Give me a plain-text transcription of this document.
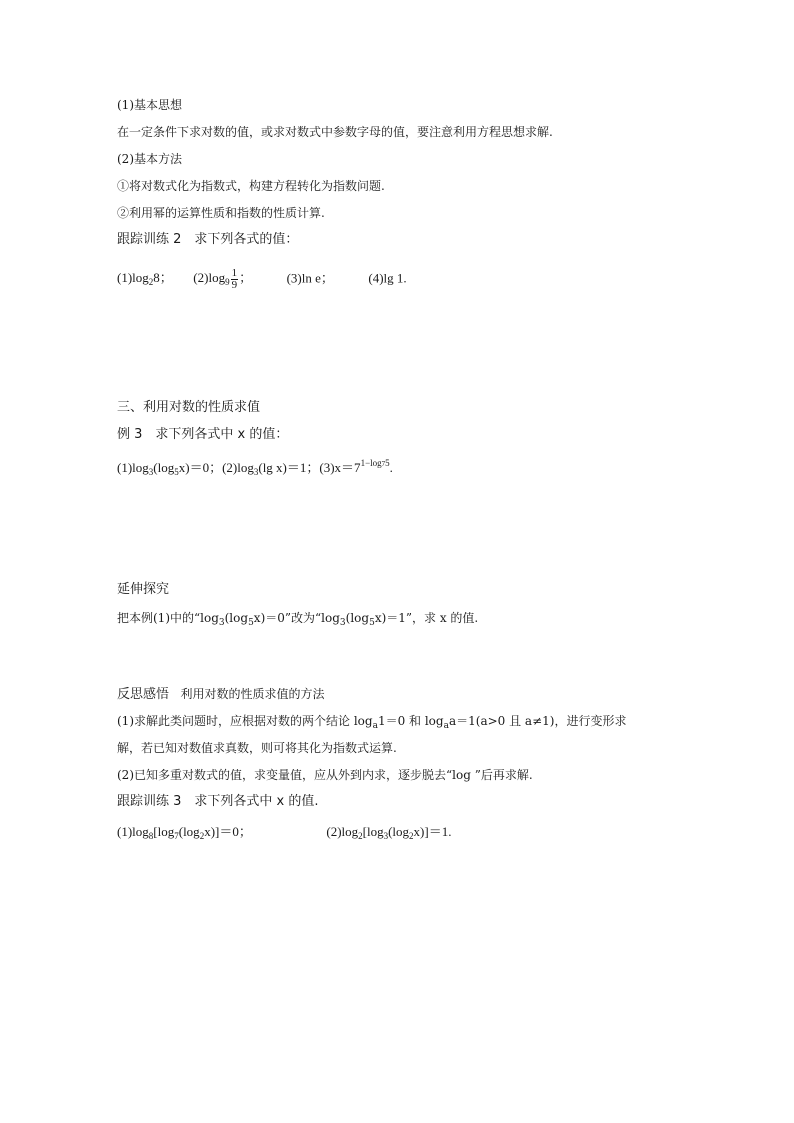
(1)基本思想
在一定条件下求对数的值，或求对数式中参数字母的值，要注意利用方程思想求解.
(2)基本方法
①将对数式化为指数式，构建方程转化为指数问题.
②利用幂的运算性质和指数的性质计算.
跟踪训练 2　求下列各式的值：
$(1)\log_28$； $(2)\log_9 \frac{1}{9}$ ；	(3)ln e；	(4)lg 1.
三、利用对数的性质求值
例 3　求下列各式中 x 的值：
$(1)\log_3(\log_5x)=0$；$(2)\log_3(\lg$ x)＝1；$(3)x=7^{1-log75}$.
延伸探究
把本例(1)中的“$\log_3(\log_5x)=0$”改为“$\log_3(\log_5x)=1$”，求 x 的值.
反思感悟 利用对数的性质求值的方法
(1)求解此类问题时，应根据对数的两个结论 $\log_a1=0$ 和 $\log_aa=1(a>0$ 且 a≠1)，进行变形求
解，若已知对数值求真数，则可将其化为指数式运算.
(2)已知多重对数式的值，求变量值，应从外到内求，逐步脱去“log ”后再求解.
跟踪训练 3　求下列各式中 x 的值.
$(1)\log_8[\log_7(\log_2x)]=0$；	$(2)\log_2[\log_3(\log_2x)]=1$.
